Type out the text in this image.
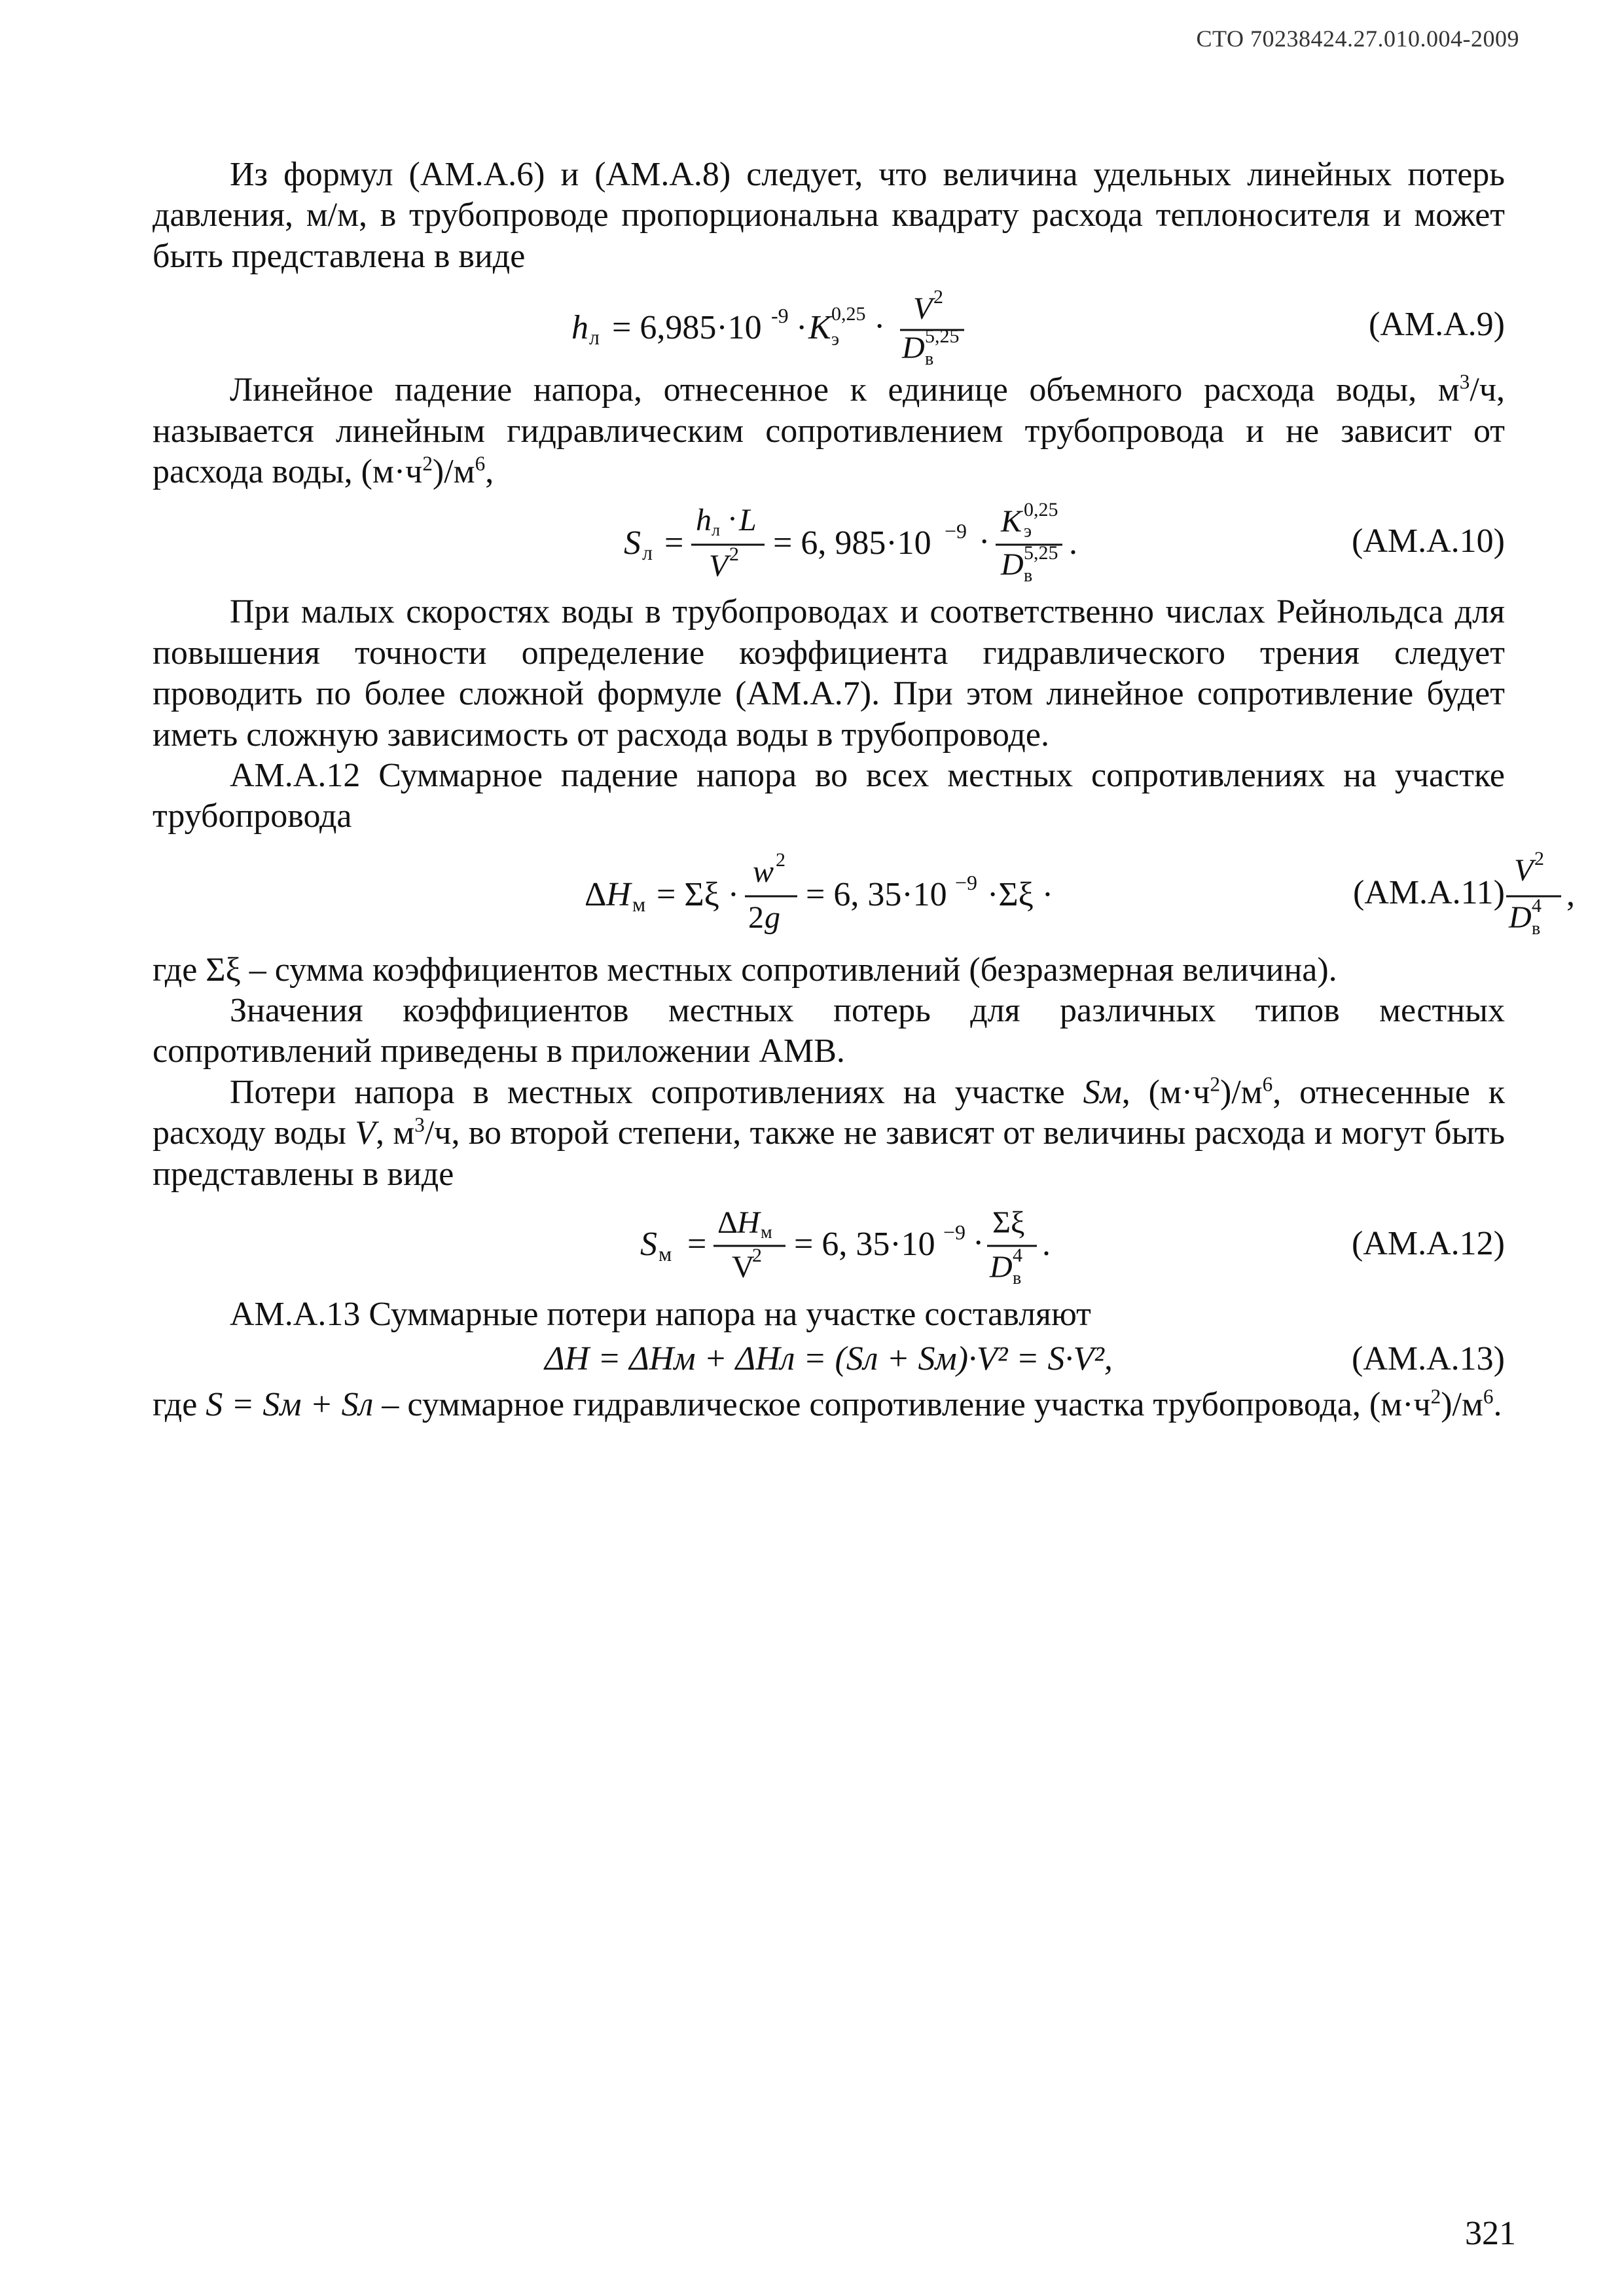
СТО 70238424.27.010.004-2009

Из формул (АМ.А.6) и (АМ.А.8) следует, что величина удельных линейных потерь давления, м/м, в трубопроводе пропорциональна квадрату расхода теплоносителя и может быть представлена в виде

h л = 6,985·10 -9 · K 0,25
э · V 2
D 5,25
в
(АМ.А.9)

Линейное падение напора, отнесенное к единице объемного расхода воды, $м^3/ч$, называется линейным гидравлическим сопротивлением трубопровода и не зависит от расхода воды, $(м\cdot ч^2)/м^6$,

S л =
h л · L
V 2 = 6, 985·10 −9 ·
K 0,25
э
D 5,25
в
.	(АМ.А.10)

При малых скоростях воды в трубопроводах и соответственно числах Рейнольдса для повышения точности определение коэффициента гидравлического трения следует проводить по более сложной формуле (АМ.А.7). При этом линейное сопротивление будет иметь сложную зависимость от расхода воды в трубопроводе.

АМ.А.12 Суммарное падение напора во всех местных сопротивлениях на участке трубопровода

Δ H м = Σξ ·
w 2
2 g
= 6, 35·10 −9 ·Σξ ·
V 2
D 4
в
,
(АМ.А.11)

где Σξ – сумма коэффициентов местных сопротивлений (безразмерная величина).

Значения коэффициентов местных потерь для различных типов местных сопротивлений приведены в приложении АМВ.

Потери напора в местных сопротивлениях на участке Sм, $(м\cdot ч^2)/м^6$, отнесенные к расходу воды V, $м^3/ч$, во второй степени, также не зависят от величины расхода и могут быть представлены в виде

S м =
Δ H м
V
2 = 6, 35·10 −9 ·
Σξ
D 4
в
.	(АМ.А.12)

АМ.А.13 Суммарные потери напора на участке составляют

ΔH = ΔHм + ΔHл = (Sл + Sм)·V² = S·V²,	(АМ.А.13)

где S = Sм + Sл – суммарное гидравлическое сопротивление участка трубопровода, $(м\cdot ч^2)/м^6$.

321
